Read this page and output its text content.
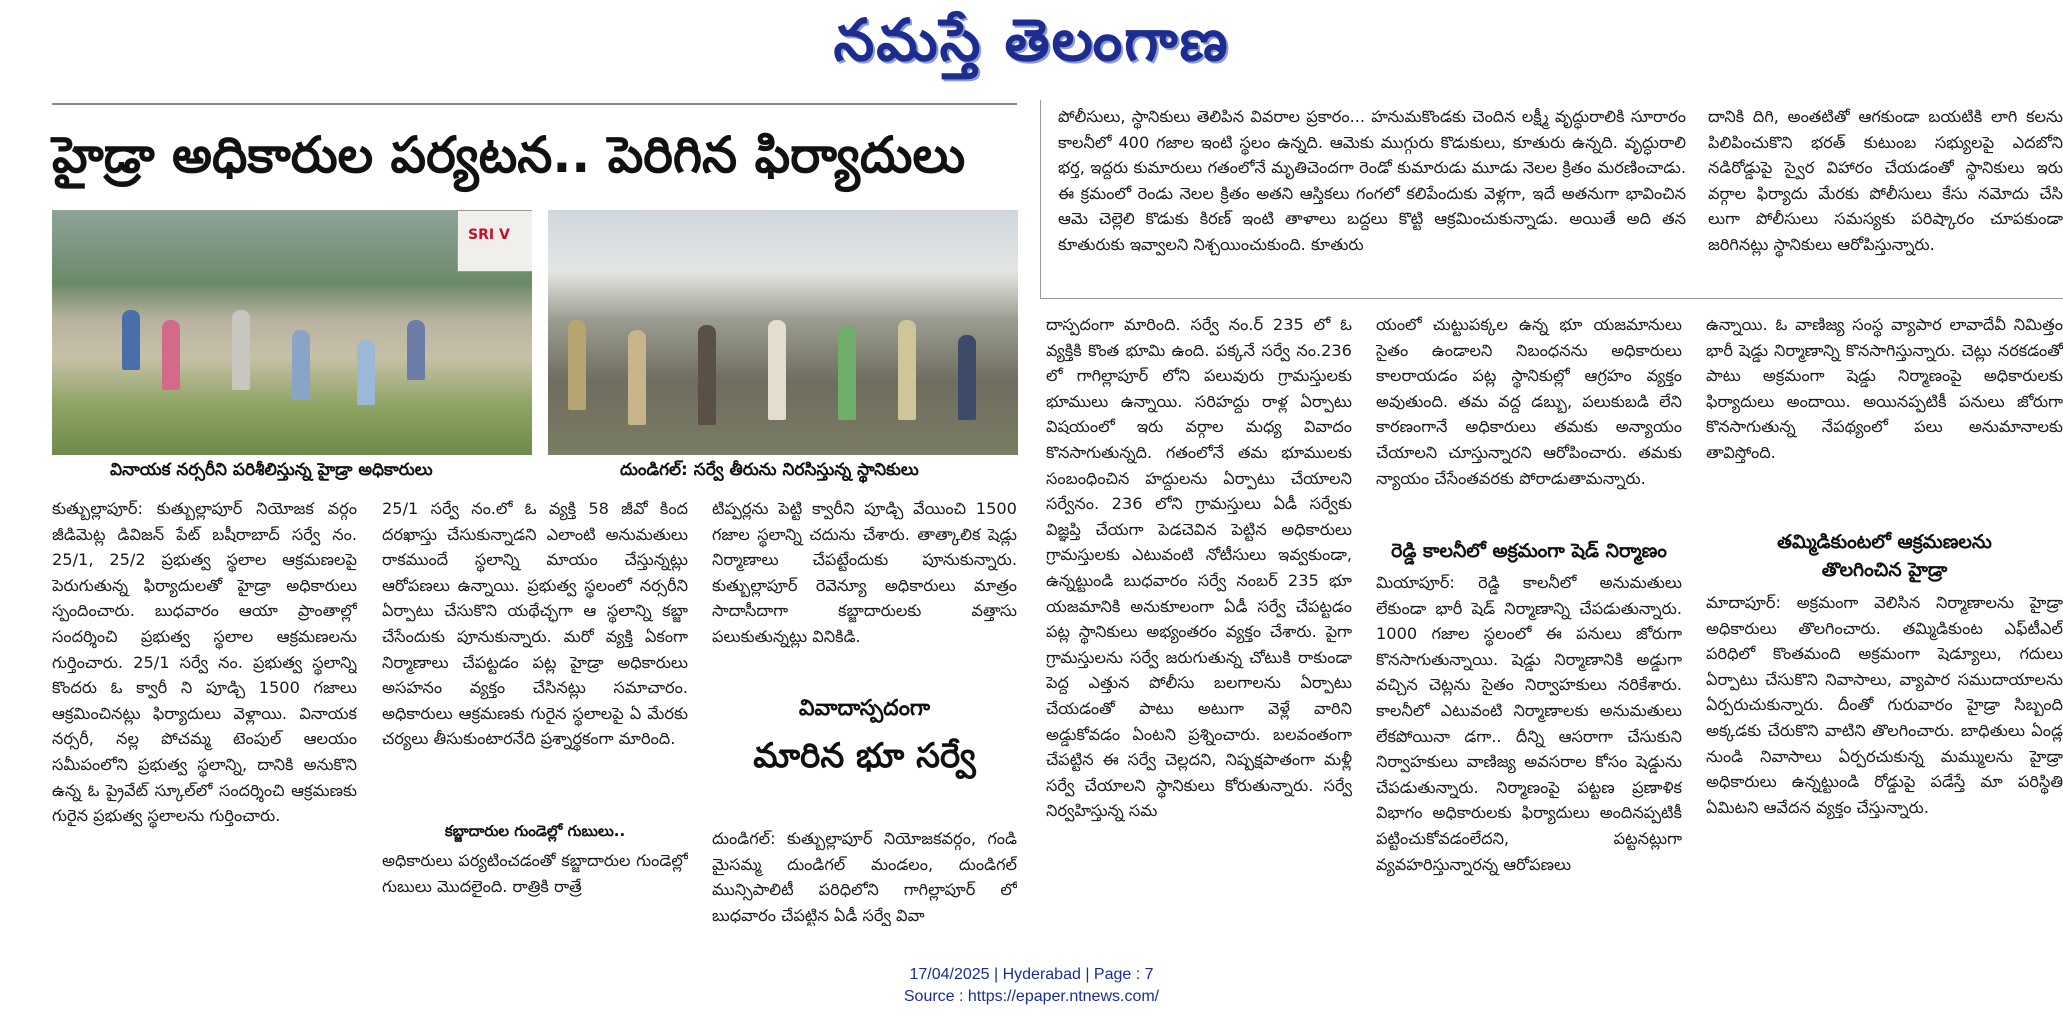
నమస్తే తెలంగాణ

పోలీసులు, స్థానికులు తెలిపిన వివరాల ప్రకారం... హనుమకొండకు చెందిన లక్ష్మీ వృద్ధురాలికి సూరారం కాలనీలో 400 గజాల ఇంటి స్థలం ఉన్నది. ఆమెకు ముగ్గురు కొడుకులు, కూతురు ఉన్నది. వృద్ధురాలి భర్త, ఇద్దరు కుమారులు గతంలోనే మృతిచెందగా రెండో కుమారుడు మూడు నెలల క్రితం మరణించాడు. ఈ క్రమంలో రెండు నెలల క్రితం అతని ఆస్తికలు గంగలో కలిపేందుకు వెళ్లగా, ఇదే అతనుగా భావించిన ఆమె చెల్లెలి కొడుకు కిరణ్ ఇంటి తాళాలు బద్దలు కొట్టి ఆక్రమించుకున్నాడు. అయితే అది తన కూతురుకు ఇవ్వాలని నిశ్చయించుకుంది. కూతురు

దానికి దిగి, అంతటితో ఆగకుండా బయటికి లాగి కలను పిలిపించుకొని భరత్ కుటుంబ సభ్యులపై ఎదబోని నడిరోడ్డుపై స్వైర విహారం చేయడంతో స్థానికులు ఇరు వర్గాల ఫిర్యాదు మేరకు పోలీసులు కేసు నమోదు చేసి లుగా పోలీసులు సమస్యకు పరిష్కారం చూపకుండా జరిగినట్లు స్థానికులు ఆరోపిస్తున్నారు.

హైడ్రా అధికారుల పర్యటన.. పెరిగిన ఫిర్యాదులు
SRI V
వినాయక నర్సరీని పరిశీలిస్తున్న హైడ్రా అధికారులు	దుండిగల్: సర్వే తీరును నిరసిస్తున్న స్థానికులు

కుత్బుల్లాపూర్: కుత్బుల్లాపూర్ నియోజక వర్గం జీడిమెట్ల డివిజన్ పేట్ బషీరాబాద్ సర్వే నం. 25/1, 25/2 ప్రభుత్వ స్థలాల ఆక్రమణలపై పెరుగుతున్న ఫిర్యాదులతో హైడ్రా అధికారులు స్పందించారు. బుధవారం ఆయా ప్రాంతాల్లో సందర్శించి ప్రభుత్వ స్థలాల ఆక్రమణలను గుర్తించారు. 25/1 సర్వే నం. ప్రభుత్వ స్థలాన్ని కొందరు ఓ క్వారీ ని పూడ్చి 1500 గజాలు ఆక్రమించినట్లు ఫిర్యాదులు వెళ్లాయి. వినాయక నర్సరీ, నల్ల పోచమ్మ టెంపుల్ ఆలయం సమీపంలోని ప్రభుత్వ స్థలాన్ని, దానికి అనుకొని ఉన్న ఓ ప్రైవేట్ స్కూల్‌లో సందర్శించి ఆక్రమణకు గురైన ప్రభుత్వ స్థలాలను గుర్తించారు.

25/1 సర్వే నం.లో ఓ వ్యక్తి 58 జీవో కింద దరఖాస్తు చేసుకున్నాడని ఎలాంటి అనుమతులు రాకముందే స్థలాన్ని మాయం చేస్తున్నట్లు ఆరోపణలు ఉన్నాయి. ప్రభుత్వ స్థలంలో నర్సరీని ఏర్పాటు చేసుకొని యథేచ్ఛగా ఆ స్థలాన్ని కబ్జా చేసేందుకు పూనుకున్నారు. మరో వ్యక్తి ఏకంగా నిర్మాణాలు చేపట్టడం పట్ల హైడ్రా అధికారులు అసహనం వ్యక్తం చేసినట్లు సమాచారం. అధికారులు ఆక్రమణకు గురైన స్థలాలపై ఏ మేరకు చర్యలు తీసుకుంటారనేది ప్రశ్నార్థకంగా మారింది.

కబ్జాదారుల గుండెల్లో గుబులు..

అధికారులు పర్యటించడంతో కబ్జాదారుల గుండెల్లో గుబులు మొదలైంది. రాత్రికి రాత్రే

టిప్పర్లను పెట్టి క్వారీని పూడ్చి వేయించి 1500 గజాల స్థలాన్ని చదును చేశారు. తాత్కాలిక షెడ్లు నిర్మాణాలు చేపట్టేందుకు పూనుకున్నారు. కుత్బుల్లాపూర్ రెవెన్యూ అధికారులు మాత్రం సాదాసీదాగా కబ్జాదారులకు వత్తాసు పలుకుతున్నట్లు వినికిడి.

వివాదాస్పదంగా
మారిన భూ సర్వే

దుండిగల్: కుత్బుల్లాపూర్ నియోజకవర్గం, గండి మైసమ్మ దుండిగల్ మండలం, దుండిగల్ మున్సిపాలిటీ పరిధిలోని గాగిల్లాపూర్ లో బుధవారం చేపట్టిన ఏడీ సర్వే వివా

దాస్పదంగా మారింది. సర్వే నం.ర్ 235 లో ఓ వ్యక్తికి కొంత భూమి ఉంది. పక్కనే సర్వే నం.236 లో గాగిల్లాపూర్ లోని పలువురు గ్రామస్తులకు భూములు ఉన్నాయి. సరిహద్దు రాళ్ల ఏర్పాటు విషయంలో ఇరు వర్గాల మధ్య వివాదం కొనసాగుతున్నది. గతంలోనే తమ భూములకు సంబంధించిన హద్దులను ఏర్పాటు చేయాలని సర్వేనం. 236 లోని గ్రామస్తులు ఏడీ సర్వేకు విజ్ఞప్తి చేయగా పెడచెవిన పెట్టిన అధికారులు గ్రామస్తులకు ఎటువంటి నోటీసులు ఇవ్వకుండా, ఉన్నట్టుండి బుధవారం సర్వే నంబర్ 235 భూ యజమానికి అనుకూలంగా ఏడీ సర్వే చేపట్టడం పట్ల స్థానికులు అభ్యంతరం వ్యక్తం చేశారు. పైగా గ్రామస్తులను సర్వే జరుగుతున్న చోటుకి రాకుండా పెద్ద ఎత్తున పోలీసు బలగాలను ఏర్పాటు చేయడంతో పాటు అటుగా వెళ్లే వారిని అడ్డుకోవడం ఏంటని ప్రశ్నించారు. బలవంతంగా చేపట్టిన ఈ సర్వే చెల్లదని, నిష్పక్షపాతంగా మళ్లీ సర్వే చేయాలని స్థానికులు కోరుతున్నారు. సర్వే నిర్వహిస్తున్న సమ

యంలో చుట్టుపక్కల ఉన్న భూ యజమానులు సైతం ఉండాలని నిబంధనను అధికారులు కాలరాయడం పట్ల స్థానికుల్లో ఆగ్రహం వ్యక్తం అవుతుంది. తమ వద్ద డబ్బు, పలుకుబడి లేని కారణంగానే అధికారులు తమకు అన్యాయం చేయాలని చూస్తున్నారని ఆరోపించారు. తమకు న్యాయం చేసేంతవరకు పోరాడుతామన్నారు.

రెడ్డి కాలనీలో అక్రమంగా షెడ్ నిర్మాణం

మియాపూర్: రెడ్డి కాలనీలో అనుమతులు లేకుండా భారీ షెడ్ నిర్మాణాన్ని చేపడుతున్నారు. 1000 గజాల స్థలంలో ఈ పనులు జోరుగా కొనసాగుతున్నాయి. షెడ్డు నిర్మాణానికి అడ్డుగా వచ్చిన చెట్లను సైతం నిర్వాహకులు నరికేశారు. కాలనీలో ఎటువంటి నిర్మాణాలకు అనుమతులు లేకపోయినా డగా.. దీన్ని ఆసరాగా చేసుకుని నిర్వాహకులు వాణిజ్య అవసరాల కోసం షెడ్డును చేపడుతున్నారు. నిర్మాణంపై పట్టణ ప్రణాళిక విభాగం అధికారులకు ఫిర్యాదులు అందినప్పటికీ పట్టించుకోవడంలేదని, పట్టనట్లుగా వ్యవహరిస్తున్నారన్న ఆరోపణలు

ఉన్నాయి. ఓ వాణిజ్య సంస్థ వ్యాపార లావాదేవీ నిమిత్తం భారీ షెడ్డు నిర్మాణాన్ని కొనసాగిస్తున్నారు. చెట్లు నరకడంతో పాటు అక్రమంగా షెడ్డు నిర్మాణంపై అధికారులకు ఫిర్యాదులు అందాయి. అయినప్పటికీ పనులు జోరుగా కొనసాగుతున్న నేపథ్యంలో పలు అనుమానాలకు తావిస్తోంది.

తమ్మిడికుంటలో ఆక్రమణలను
తొలగించిన హైడ్రా

మాదాపూర్: అక్రమంగా వెలిసిన నిర్మాణాలను హైడ్రా అధికారులు తొలగించారు. తమ్మిడికుంట ఎఫ్‌టీఎల్ పరిధిలో కొంతమంది అక్రమంగా షెడ్యూలు, గదులు ఏర్పాటు చేసుకొని నివాసాలు, వ్యాపార సముదాయాలను ఏర్పరుచుకున్నారు. దీంతో గురువారం హైడ్రా సిబ్బంది అక్కడకు చేరుకొని వాటిని తొలగించారు. బాధితులు ఏండ్ల నుండి నివాసాలు ఏర్పరచుకున్న మమ్ములను హైడ్రా అధికారులు ఉన్నట్టుండి రోడ్డుపై పడేస్తే మా పరిస్థితి ఏమిటని ఆవేదన వ్యక్తం చేస్తున్నారు.

17/04/2025 | Hyderabad | Page : 7
Source : https://epaper.ntnews.com/
